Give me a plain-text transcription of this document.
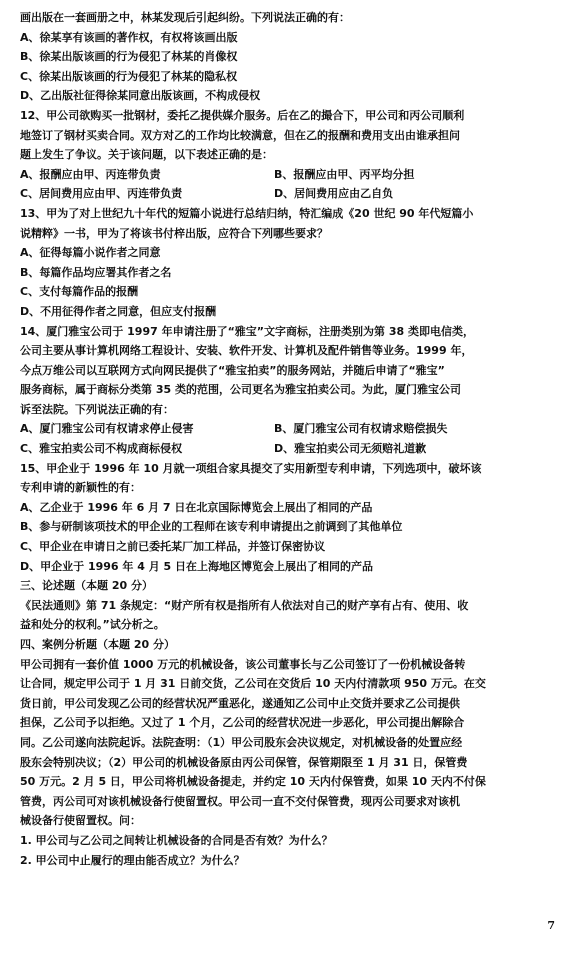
画出版在一套画册之中，林某发现后引起纠纷。下列说法正确的有：
A、徐某享有该画的著作权，有权将该画出版
B、徐某出版该画的行为侵犯了林某的肖像权
C、徐某出版该画的行为侵犯了林某的隐私权
D、乙出版社征得徐某同意出版该画，不构成侵权
12、甲公司欲购买一批钢材，委托乙提供媒介服务。后在乙的撮合下，甲公司和丙公司顺利
地签订了钢材买卖合同。双方对乙的工作均比较满意，但在乙的报酬和费用支出由谁承担问
题上发生了争议。关于该问题，以下表述正确的是：
A、报酬应由甲、丙连带负责	B、报酬应由甲、丙平均分担
C、居间费用应由甲、丙连带负责	D、居间费用应由乙自负
13、甲为了对上世纪九十年代的短篇小说进行总结归纳，特汇编成《20 世纪 90 年代短篇小
说精粹》一书，甲为了将该书付梓出版，应符合下列哪些要求？
A、征得每篇小说作者之同意
B、每篇作品均应署其作者之名
C、支付每篇作品的报酬
D、不用征得作者之同意，但应支付报酬
14、厦门雅宝公司于 1997 年申请注册了“雅宝”文字商标，注册类别为第 38 类即电信类，
公司主要从事计算机网络工程设计、安装、软件开发、计算机及配件销售等业务。1999 年，
今点万维公司以互联网方式向网民提供了“雅宝拍卖”的服务网站，并随后申请了“雅宝”
服务商标，属于商标分类第 35 类的范围，公司更名为雅宝拍卖公司。为此，厦门雅宝公司
诉至法院。下列说法正确的有：
A、厦门雅宝公司有权请求停止侵害	B、厦门雅宝公司有权请求赔偿损失
C、雅宝拍卖公司不构成商标侵权	D、雅宝拍卖公司无须赔礼道歉
15、甲企业于 1996 年 10 月就一项组合家具提交了实用新型专利申请，下列选项中，破坏该
专利申请的新颖性的有：
A、乙企业于 1996 年 6 月 7 日在北京国际博览会上展出了相同的产品
B、参与研制该项技术的甲企业的工程师在该专利申请提出之前调到了其他单位
C、甲企业在申请日之前已委托某厂加工样品，并签订保密协议
D、甲企业于 1996 年 4 月 5 日在上海地区博览会上展出了相同的产品
三、论述题（本题 20 分）
《民法通则》第 71 条规定：“财产所有权是指所有人依法对自己的财产享有占有、使用、收
益和处分的权利。”试分析之。
四、案例分析题（本题 20 分）
甲公司拥有一套价值 1000 万元的机械设备，该公司董事长与乙公司签订了一份机械设备转
让合同，规定甲公司于 1 月 31 日前交货，乙公司在交货后 10 天内付清款项 950 万元。在交
货日前，甲公司发现乙公司的经营状况严重恶化，遂通知乙公司中止交货并要求乙公司提供
担保，乙公司予以拒绝。又过了 1 个月，乙公司的经营状况进一步恶化，甲公司提出解除合
同。乙公司遂向法院起诉。法院查明：（1）甲公司股东会决议规定，对机械设备的处置应经
股东会特别决议；（2）甲公司的机械设备原由丙公司保管，保管期限至 1 月 31 日，保管费
50 万元。2 月 5 日，甲公司将机械设备提走，并约定 10 天内付保管费，如果 10 天内不付保
管费，丙公司可对该机械设备行使留置权。甲公司一直不交付保管费，现丙公司要求对该机
械设备行使留置权。问：
1. 甲公司与乙公司之间转让机械设备的合同是否有效？为什么？
2. 甲公司中止履行的理由能否成立？为什么？
7
